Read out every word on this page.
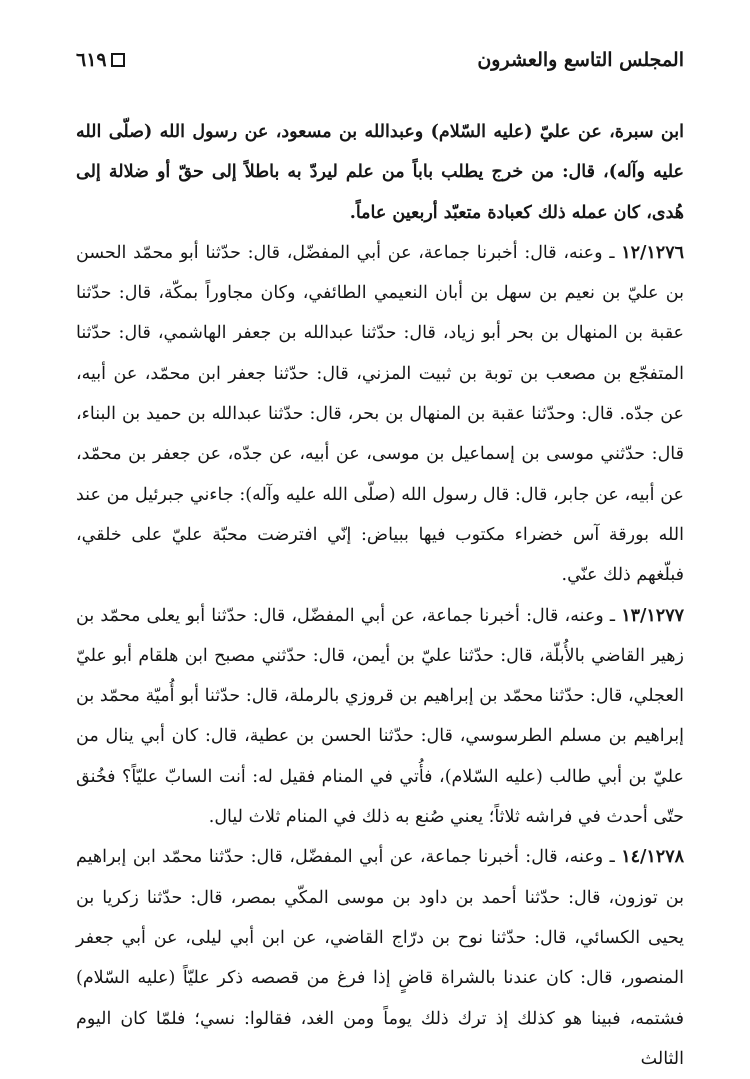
٦١٩	المجلس التاسع والعشرون

ابن سبرة، عن عليّ (عليه السّلام) وعبدالله بن مسعود، عن رسول الله (صلّى الله عليه وآله)، قال: من خرج يطلب باباً من علم ليردّ به باطلاً إلى حقّ أو ضلالة إلى هُدى، كان عمله ذلك كعبادة متعبّد أربعين عاماً.

١٢/١٢٧٦ ـ وعنه، قال: أخبرنا جماعة، عن أبي المفضّل، قال: حدّثنا أبو محمّد الحسن بن عليّ بن نعيم بن سهل بن أبان النعيمي الطائفي، وكان مجاوراً بمكّة، قال: حدّثنا عقبة بن المنهال بن بحر أبو زياد، قال: حدّثنا عبدالله بن جعفر الهاشمي، قال: حدّثنا المتفجّع بن مصعب بن توبة بن ثبيت المزني، قال: حدّثنا جعفر ابن محمّد، عن أبيه، عن جدّه. قال: وحدّثنا عقبة بن المنهال بن بحر، قال: حدّثنا عبدالله بن حميد بن البناء، قال: حدّثني موسى بن إسماعيل بن موسى، عن أبيه، عن جدّه، عن جعفر بن محمّد، عن أبيه، عن جابر، قال: قال رسول الله (صلّى الله عليه وآله): جاءني جبرئيل من عند الله بورقة آس خضراء مكتوب فيها ببياض: إنّي افترضت محبّة عليّ على خلقي، فبلّغهم ذلك عنّي.

١٣/١٢٧٧ ـ وعنه، قال: أخبرنا جماعة، عن أبي المفضّل، قال: حدّثنا أبو يعلى محمّد بن زهير القاضي بالأُبلّة، قال: حدّثنا عليّ بن أيمن، قال: حدّثني مصبح ابن هلقام أبو عليّ العجلي، قال: حدّثنا محمّد بن إبراهيم بن قروزي بالرملة، قال: حدّثنا أبو أُميّة محمّد بن إبراهيم بن مسلم الطرسوسي، قال: حدّثنا الحسن بن عطية، قال: كان أبي ينال من عليّ بن أبي طالب (عليه السّلام)، فأُتي في المنام فقيل له: أنت السابّ عليّاً؟ فخُنق حتّى أحدث في فراشه ثلاثاً؛ يعني صُنع به ذلك في المنام ثلاث ليال.

١٤/١٢٧٨ ـ وعنه، قال: أخبرنا جماعة، عن أبي المفضّل، قال: حدّثنا محمّد ابن إبراهيم بن توزون، قال: حدّثنا أحمد بن داود بن موسى المكّي بمصر، قال: حدّثنا زكريا بن يحيى الكسائي، قال: حدّثنا نوح بن درّاج القاضي، عن ابن أبي ليلى، عن أبي جعفر المنصور، قال: كان عندنا بالشراة قاضٍ إذا فرغ من قصصه ذكر عليّاً (عليه السّلام) فشتمه، فبينا هو كذلك إذ ترك ذلك يوماً ومن الغد، فقالوا: نسي؛ فلمّا كان اليوم الثالث
